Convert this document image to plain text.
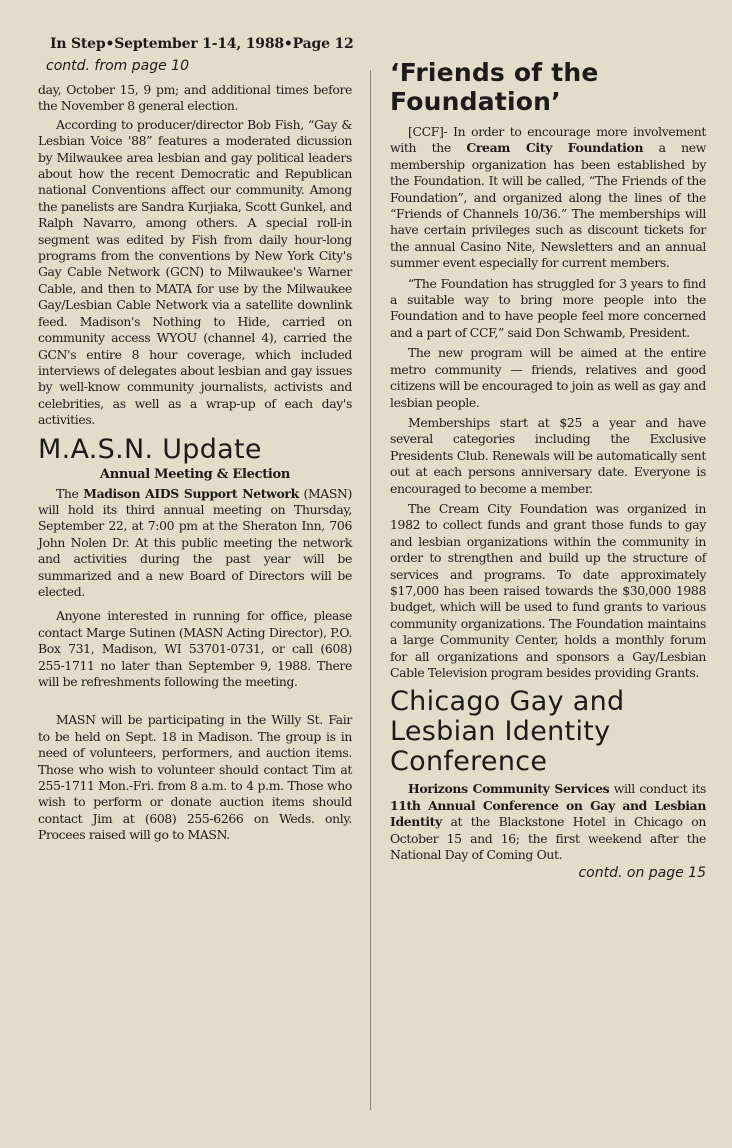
In Step•September 1-14, 1988•Page 12
contd. from page 10

day, October 15, 9 pm; and additional times before the November 8 general election.

According to producer/director Bob Fish, “Gay & Lesbian Voice '88” features a moderated dicussion by Milwaukee area lesbian and gay political leaders about how the recent Democratic and Republican national Conventions affect our community. Among the panelists are Sandra Kurjiaka, Scott Gunkel, and Ralph Navarro, among others. A special roll-in segment was edited by Fish from daily hour-long programs from the conventions by New York City's Gay Cable Network (GCN) to Milwaukee's Warner Cable, and then to MATA for use by the Milwaukee Gay/Lesbian Cable Network via a satellite downlink feed. Madison's Nothing to Hide, carried on community access WYOU (channel 4), carried the GCN's entire 8 hour coverage, which included interviews of delegates about lesbian and gay issues by well-know community journalists, activists and celebrities, as well as a wrap-up of each day's activities.

M.A.S.N. Update
Annual Meeting & Election

The Madison AIDS Support Network (MASN) will hold its third annual meeting on Thursday, September 22, at 7:00 pm at the Sheraton Inn, 706 John Nolen Dr. At this public meeting the network and activities during the past year will be summarized and a new Board of Directors will be elected.

Anyone interested in running for office, please contact Marge Sutinen (MASN Acting Director), P.O. Box 731, Madison, WI 53701-0731, or call (608) 255-1711 no later than September 9, 1988. There will be refreshments following the meeting.

MASN will be participating in the Willy St. Fair to be held on Sept. 18 in Madison. The group is in need of volunteers, performers, and auction items. Those who wish to volunteer should contact Tim at 255-1711 Mon.-Fri. from 8 a.m. to 4 p.m. Those who wish to perform or donate auction items should contact Jim at (608) 255-6266 on Weds. only. Procees raised will go to MASN.

‘Friends of the
Foundation’

[CCF]- In order to encourage more involvement with the Cream City Foundation a new membership organization has been established by the Foundation. It will be called, “The Friends of the Foundation”, and organized along the lines of the “Friends of Channels 10/36.” The memberships will have certain privileges such as discount tickets for the annual Casino Nite, Newsletters and an annual summer event especially for current members.

“The Foundation has struggled for 3 years to find a suitable way to bring more people into the Foundation and to have people feel more concerned and a part of CCF,” said Don Schwamb, President.

The new program will be aimed at the entire metro community — friends, relatives and good citizens will be encouraged to join as well as gay and lesbian people.

Memberships start at $25 a year and have several categories including the Exclusive Presidents Club. Renewals will be automatically sent out at each persons anniversary date. Everyone is encouraged to become a member.

The Cream City Foundation was organized in 1982 to collect funds and grant those funds to gay and lesbian organizations within the community in order to strengthen and build up the structure of services and programs. To date approximately $17,000 has been raised towards the $30,000 1988 budget, which will be used to fund grants to various community organizations. The Foundation maintains a large Community Center, holds a monthly forum for all organizations and sponsors a Gay/Lesbian Cable Television program besides providing Grants.

Chicago Gay and
Lesbian Identity
Conference

Horizons Community Services will conduct its 11th Annual Conference on Gay and Lesbian Identity at the Blackstone Hotel in Chicago on October 15 and 16; the first weekend after the National Day of Coming Out.

contd. on page 15
